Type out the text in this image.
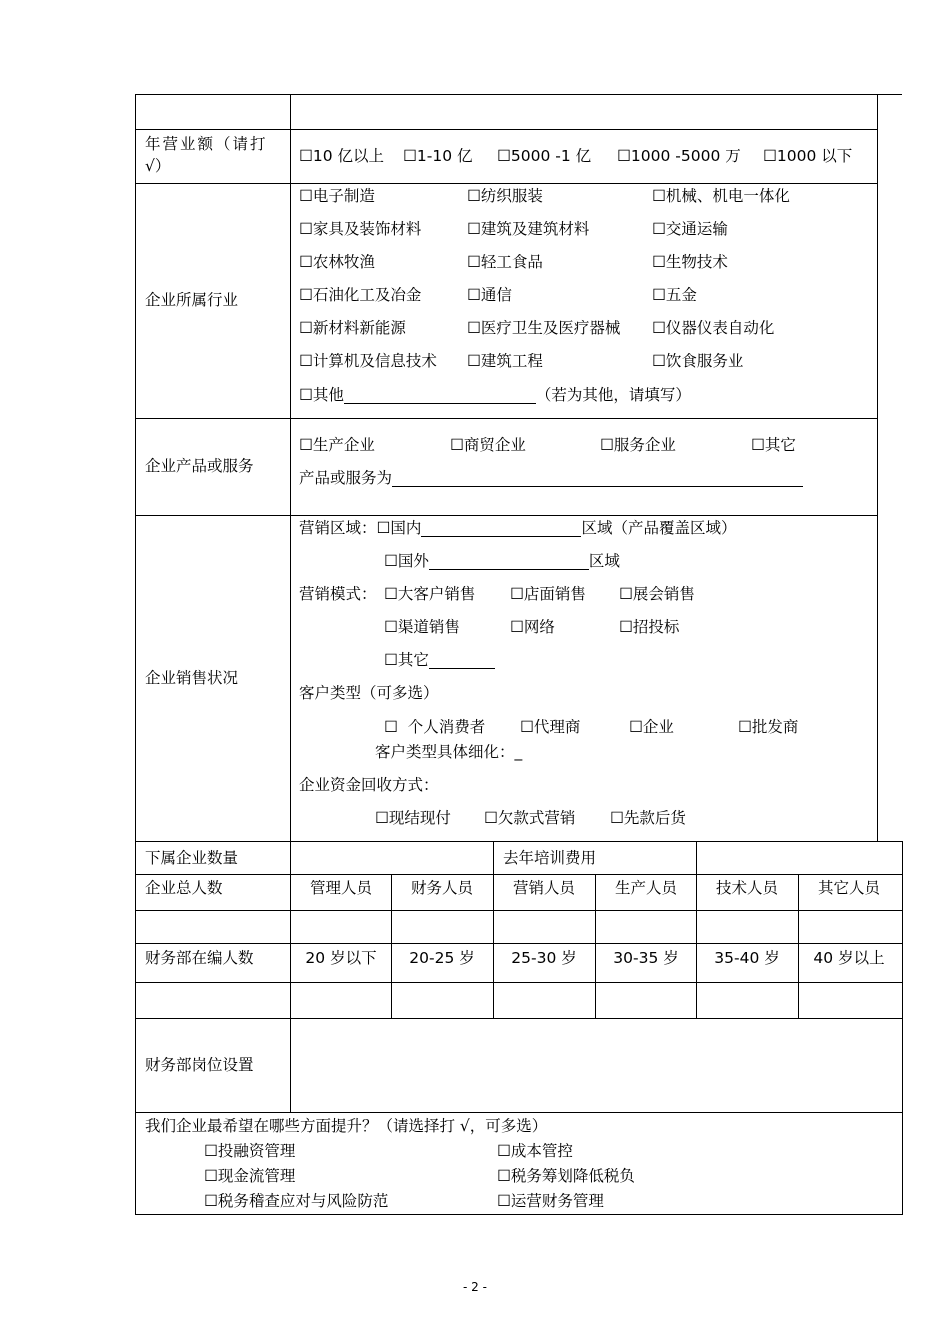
年营业额（请打
√）
☐ 10 亿以上	☐ 1-10 亿	☐ 5000 -1 亿	☐ 1000 -5000 万	☐ 1000 以下
企业所属行业
☐ 电子制造	☐ 纺织服装	☐ 机械、机电一体化
☐ 家具及装饰材料	☐ 建筑及建筑材料	☐ 交通运输
☐ 农林牧渔	☐ 轻工食品	☐ 生物技术
☐ 石油化工及冶金	☐ 通信	☐ 五金
☐ 新材料新能源	☐ 医疗卫生及医疗器械	☐ 仪器仪表自动化
☐ 计算机及信息技术	☐ 建筑工程	☐ 饮食服务业
☐ 其他	（若为其他，请填写）
企业产品或服务
☐ 生产企业	☐ 商贸企业	☐ 服务企业	☐ 其它
产品或服务为
企业销售状况
营销区域： ☐ 国内	区域（产品覆盖区域）
☐ 国外	区域
营销模式：	☐ 大客户销售	☐ 店面销售	☐ 展会销售
☐ 渠道销售	☐ 网络	☐ 招投标
☐ 其它
客户类型（可多选）
☐  个人消费者	☐ 代理商	☐ 企业	☐ 批发商
客户类型具体细化：_
企业资金回收方式：
☐ 现结现付	☐ 欠款式营销	☐ 先款后货
下属企业数量	去年培训费用
企业总人数	管理人员	财务人员	营销人员	生产人员	技术人员	其它人员
财务部在编人数	20 岁以下	20-25 岁	25-30 岁	30-35 岁	35-40 岁	40 岁以上
财务部岗位设置
我们企业最希望在哪些方面提升？（请选择打 √，可多选）
☐ 投融资管理	☐ 成本管控
☐ 现金流管理	☐ 税务筹划降低税负
☐ 税务稽查应对与风险防范	☐ 运营财务管理
- 2 -
